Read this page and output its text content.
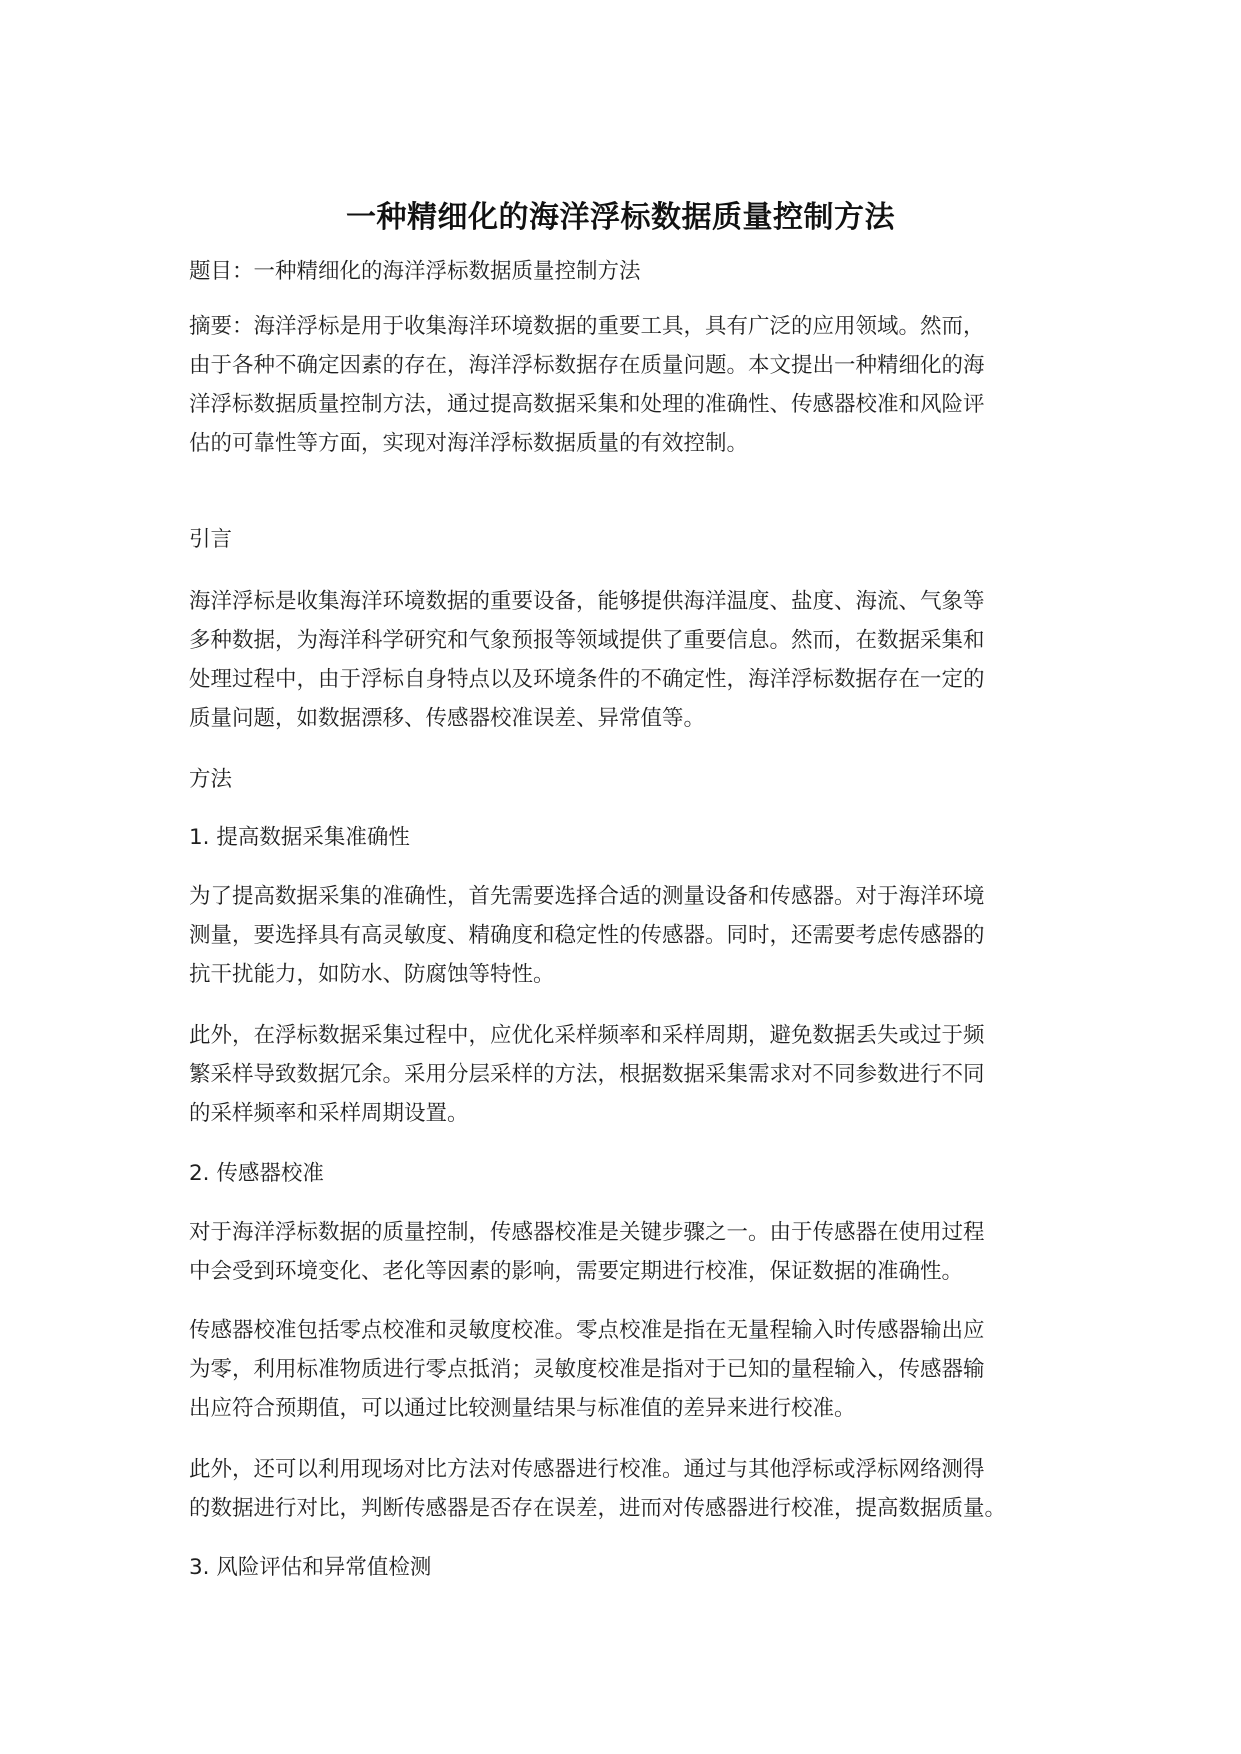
一种精细化的海洋浮标数据质量控制方法

题目：一种精细化的海洋浮标数据质量控制方法

摘要：海洋浮标是用于收集海洋环境数据的重要工具，具有广泛的应用领域。然而，
由于各种不确定因素的存在，海洋浮标数据存在质量问题。本文提出一种精细化的海
洋浮标数据质量控制方法，通过提高数据采集和处理的准确性、传感器校准和风险评
估的可靠性等方面，实现对海洋浮标数据质量的有效控制。

引言

海洋浮标是收集海洋环境数据的重要设备，能够提供海洋温度、盐度、海流、气象等
多种数据，为海洋科学研究和气象预报等领域提供了重要信息。然而，在数据采集和
处理过程中，由于浮标自身特点以及环境条件的不确定性，海洋浮标数据存在一定的
质量问题，如数据漂移、传感器校准误差、异常值等。

方法

1. 提高数据采集准确性

为了提高数据采集的准确性，首先需要选择合适的测量设备和传感器。对于海洋环境
测量，要选择具有高灵敏度、精确度和稳定性的传感器。同时，还需要考虑传感器的
抗干扰能力，如防水、防腐蚀等特性。

此外，在浮标数据采集过程中，应优化采样频率和采样周期，避免数据丢失或过于频
繁采样导致数据冗余。采用分层采样的方法，根据数据采集需求对不同参数进行不同
的采样频率和采样周期设置。

2. 传感器校准

对于海洋浮标数据的质量控制，传感器校准是关键步骤之一。由于传感器在使用过程
中会受到环境变化、老化等因素的影响，需要定期进行校准，保证数据的准确性。

传感器校准包括零点校准和灵敏度校准。零点校准是指在无量程输入时传感器输出应
为零，利用标准物质进行零点抵消；灵敏度校准是指对于已知的量程输入，传感器输
出应符合预期值，可以通过比较测量结果与标准值的差异来进行校准。

此外，还可以利用现场对比方法对传感器进行校准。通过与其他浮标或浮标网络测得
的数据进行对比，判断传感器是否存在误差，进而对传感器进行校准，提高数据质量。

3. 风险评估和异常值检测
